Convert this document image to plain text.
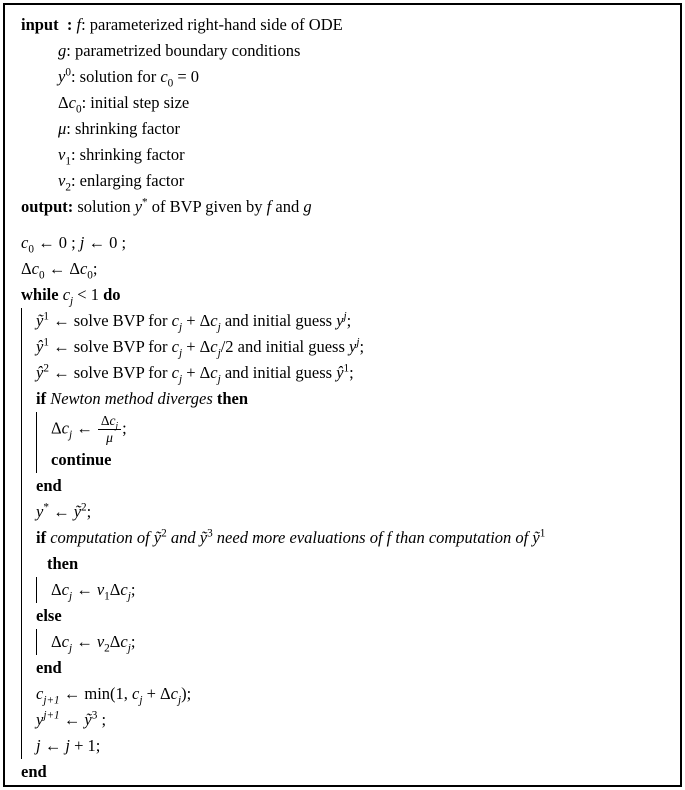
input  : f: parameterized right-hand side of ODE
g: parametrized boundary conditions
$y^0$: solution for $c_0 = 0$
$\Delta c_0$: initial step size
μ: shrinking factor
$\nu_1$: shrinking factor
$\nu_2$: enlarging factor
output: solution y* of BVP given by f and g
$c_0$ ← 0 ; j ← 0 ;
$\Delta c_0$ ← $\Delta c_0$;
while $c_j < 1$ do
ỹ$^1$ ← solve BVP for $c_j + \Delta c_j$ and initial guess $y^j$;
$ŷ^1$ ← solve BVP for $c_j + \Delta c_j/2$ and initial guess $y^j$;
$ŷ^2$ ← solve BVP for $c_j + \Delta c_j$ and initial guess $ŷ^1$;
if Newton method diverges then
$\Delta c_j$ ← $\frac{\Delta c_j}{\mu}$ ;
continue
end
y* ← ỹ$^2$;
if computation of ỹ$^2$ and ỹ$^3$ need more evaluations of f than computation of ỹ$^1$
then
$\Delta c_j$ ← $\nu_1\Delta c_j$;
else
$\Delta c_j$ ← $\nu_2\Delta c_j$;
end
$c_{j+1}$ ← min(1, $c_j + \Delta c_j$);
$y^{j+1}$ ← ỹ$^3$ ;
j ← j + 1;
end
